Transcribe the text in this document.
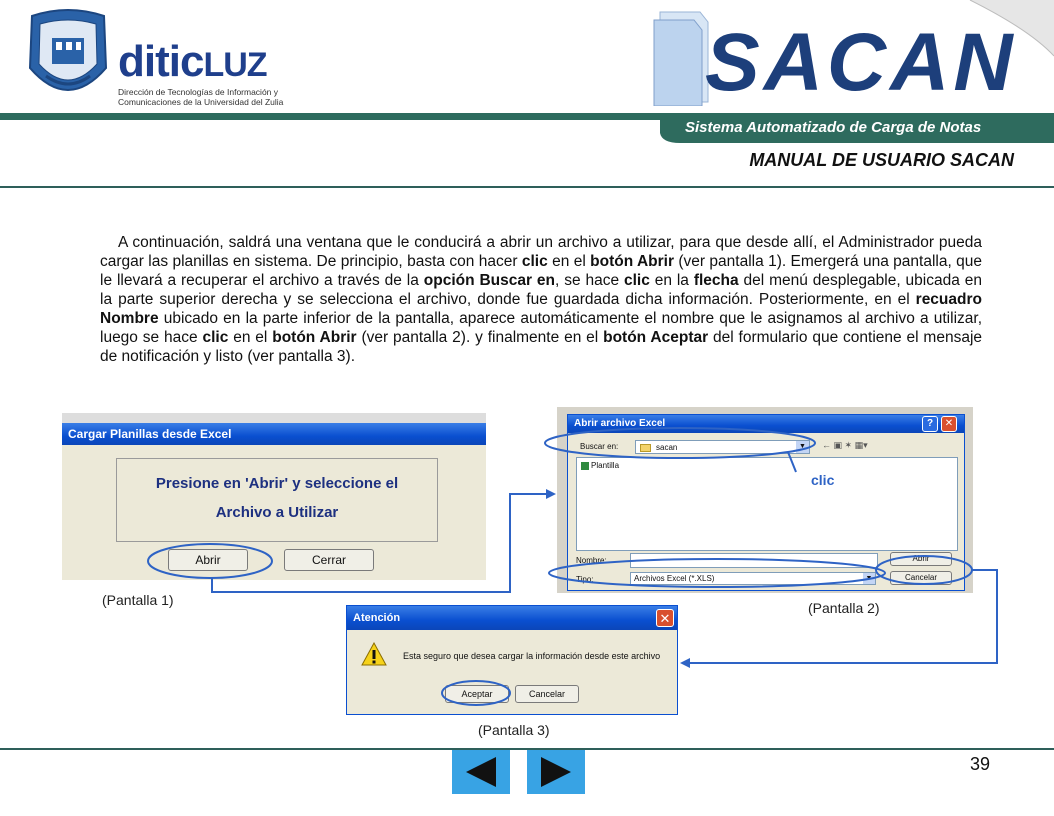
diticLUZ
Dirección de Tecnologías de Información y Comunicaciones de la Universidad del Zulia	SACAN
Sistema Automatizado de Carga de Notas
MANUAL DE USUARIO SACAN
A continuación, saldrá una ventana que le conducirá a abrir un archivo a utilizar, para que desde allí, el Administrador pueda cargar las planillas en sistema. De principio, basta con hacer clic en el botón Abrir (ver pantalla 1). Emergerá una pantalla, que le llevará a recuperar el archivo a través de la opción Buscar en, se hace clic en la flecha del menú desplegable, ubicada en la parte superior derecha y se selecciona el archivo, donde fue guardada dicha información. Posteriormente, en el recuadro Nombre ubicado en la parte inferior de la pantalla, aparece automáticamente el nombre que le asignamos al archivo a utilizar, luego se hace clic en el botón Abrir (ver pantalla 2). y finalmente en el botón Aceptar del formulario que contiene el mensaje de notificación y listo (ver pantalla 3).
Cargar Planillas desde Excel
Presione en 'Abrir' y seleccione el
Archivo a Utilizar
Abrir	Cerrar
(Pantalla 1)
Abrir archivo Excel	?	✕
Buscar en:	sacan	▼	← ▣ ✶ ▦▾
Plantilla
Nombre:	Abrir
Tipo:	Archivos Excel (*.XLS)	▼	Cancelar
clic
(Pantalla 2)
Atención	✕
Esta seguro que desea cargar la información desde este archivo
Aceptar	Cancelar
(Pantalla 3)
39
